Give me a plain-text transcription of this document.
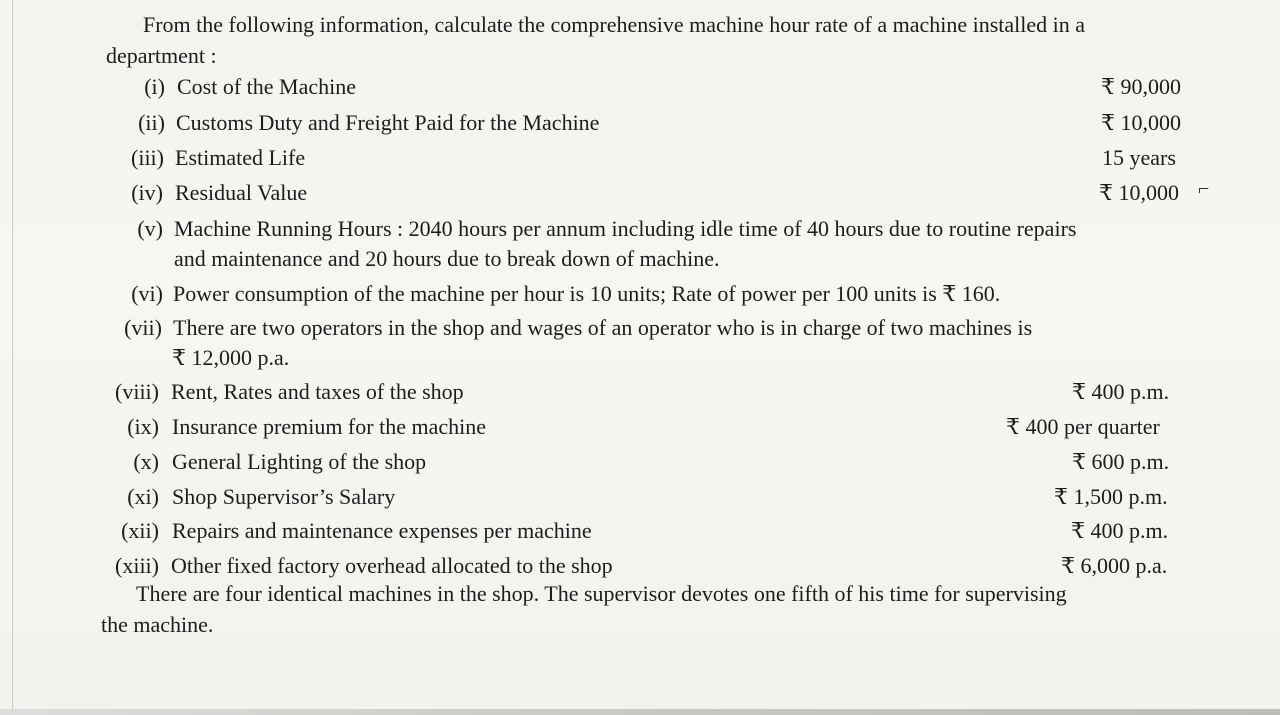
From the following information, calculate the comprehensive machine hour rate of a machine installed in a
department :
(i) Cost of the Machine	₹ 90,000
(ii) Customs Duty and Freight Paid for the Machine	₹ 10,000
(iii) Estimated Life	15 years
(iv) Residual Value	₹ 10,000 ⌐
(v) Machine Running Hours : 2040 hours per annum including idle time of 40 hours due to routine repairs
and maintenance and 20 hours due to break down of machine.
(vi) Power consumption of the machine per hour is 10 units; Rate of power per 100 units is ₹ 160.
(vii) There are two operators in the shop and wages of an operator who is in charge of two machines is
₹ 12,000 p.a.
(viii) Rent, Rates and taxes of the shop	₹ 400 p.m.
(ix) Insurance premium for the machine	₹ 400 per quarter
(x) General Lighting of the shop	₹ 600 p.m.
(xi) Shop Supervisor’s Salary	₹ 1,500 p.m.
(xii) Repairs and maintenance expenses per machine	₹ 400 p.m.
(xiii) Other fixed factory overhead allocated to the shop	₹ 6,000 p.a.
There are four identical machines in the shop. The supervisor devotes one fifth of his time for supervising
the machine.
